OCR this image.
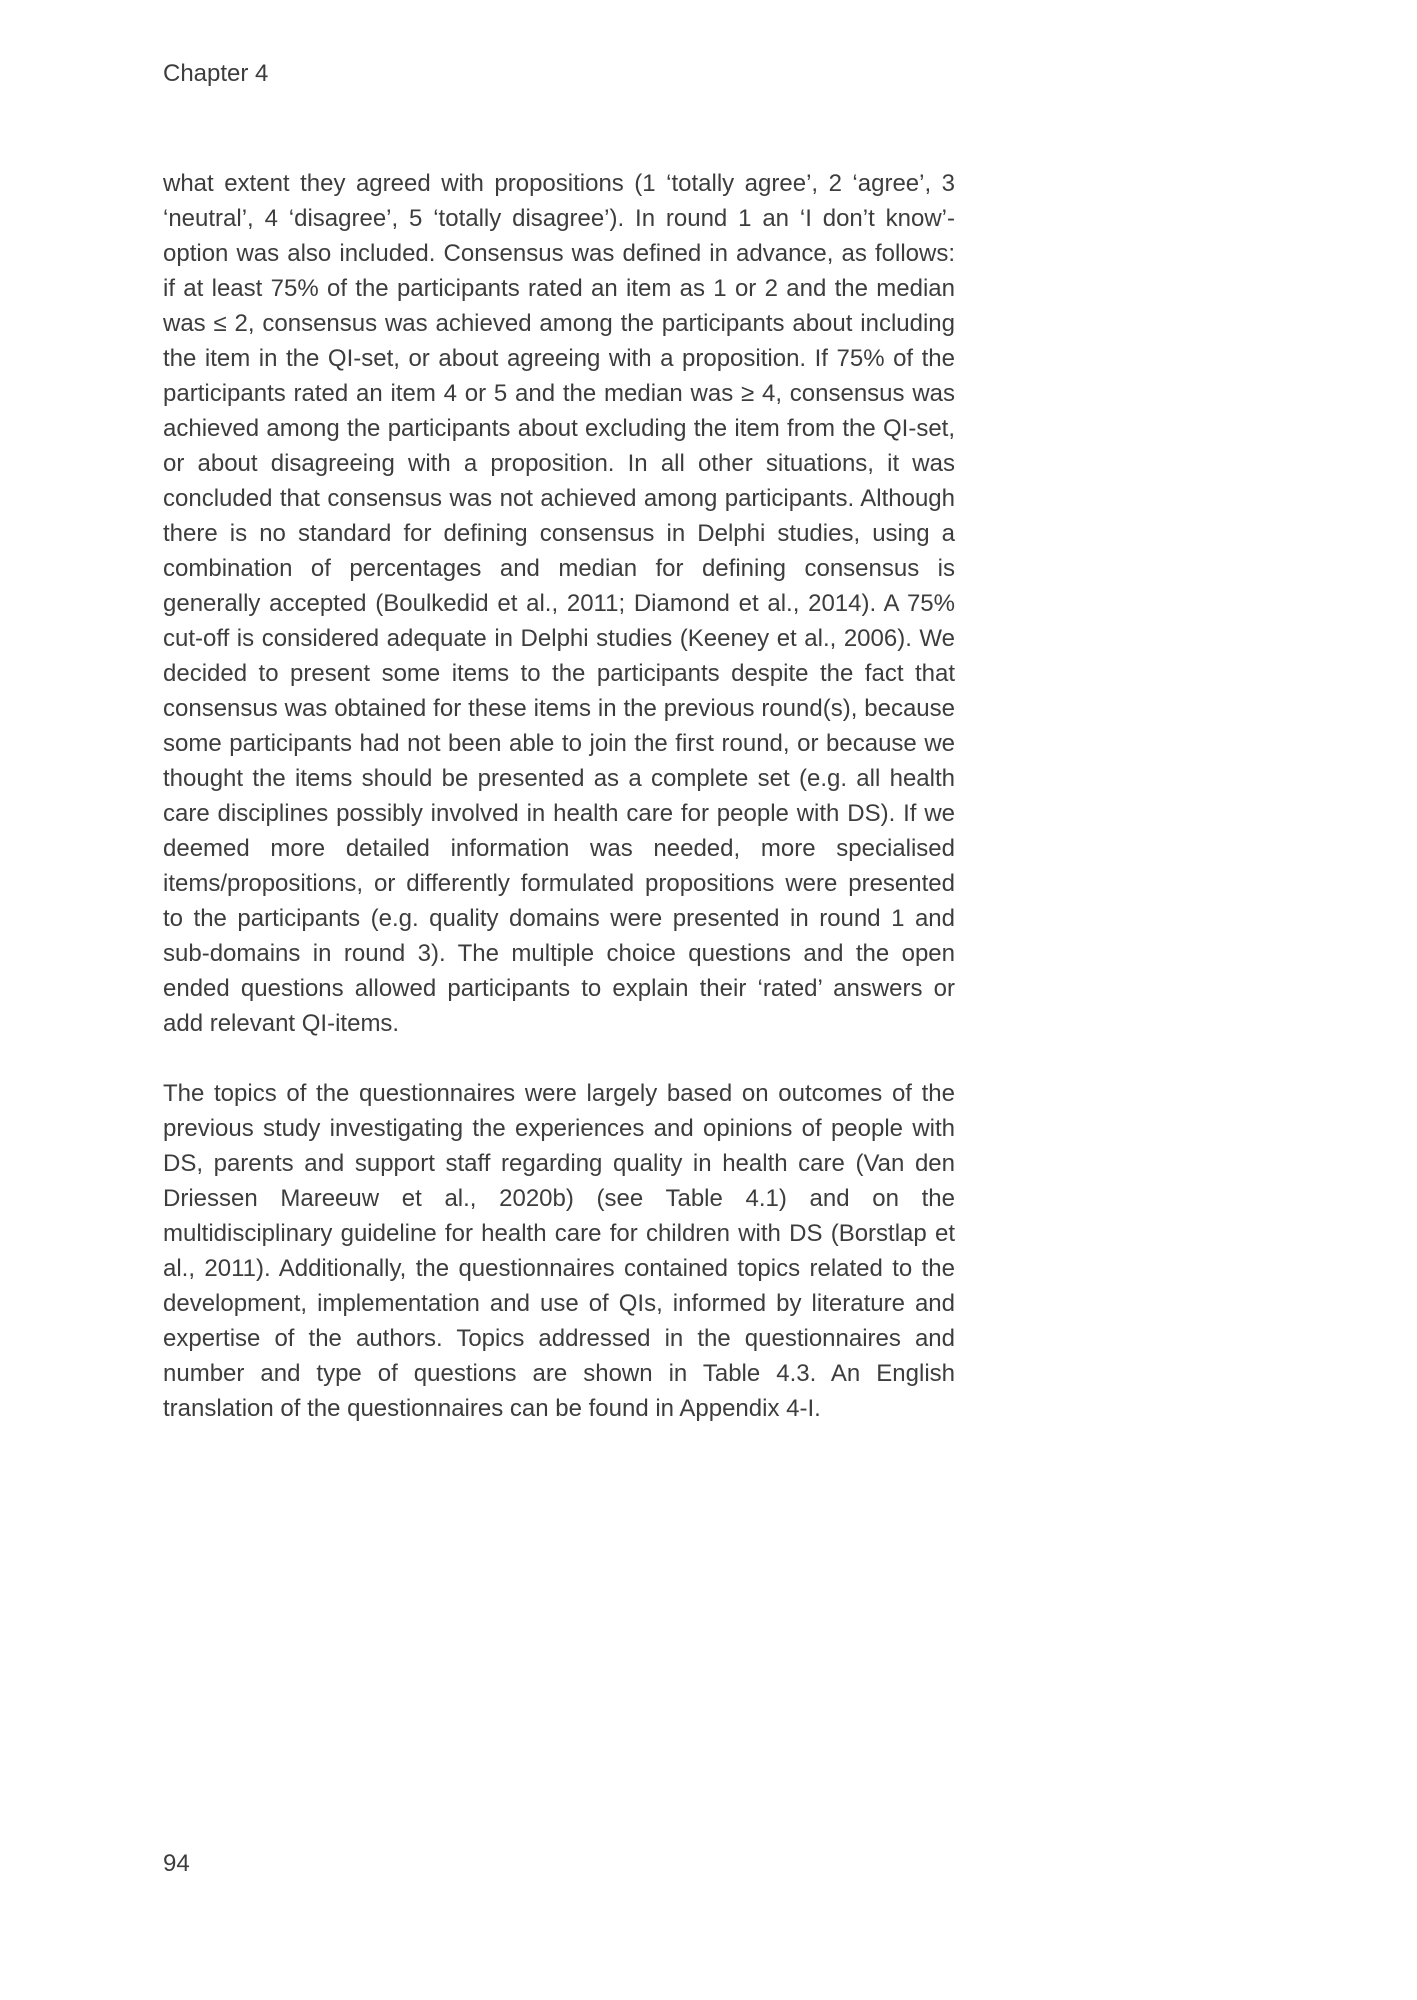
Chapter 4

what extent they agreed with propositions (1 ‘totally agree’, 2 ‘agree’, 3 ‘neutral’, 4 ‘disagree’, 5 ‘totally disagree’). In round 1 an ‘I don’t know’-option was also included. Consensus was defined in advance, as follows: if at least 75% of the participants rated an item as 1 or 2 and the median was ≤ 2, consensus was achieved among the participants about including the item in the QI-set, or about agreeing with a proposition. If 75% of the participants rated an item 4 or 5 and the median was ≥ 4, consensus was achieved among the participants about excluding the item from the QI-set, or about disagreeing with a proposition. In all other situations, it was concluded that consensus was not achieved among participants. Although there is no standard for defining consensus in Delphi studies, using a combination of percentages and median for defining consensus is generally accepted (Boulkedid et al., 2011; Diamond et al., 2014). A 75% cut-off is considered adequate in Delphi studies (Keeney et al., 2006). We decided to present some items to the participants despite the fact that consensus was obtained for these items in the previous round(s), because some participants had not been able to join the first round, or because we thought the items should be presented as a complete set (e.g. all health care disciplines possibly involved in health care for people with DS). If we deemed more detailed information was needed, more specialised items/propositions, or differently formulated propositions were presented to the participants (e.g. quality domains were presented in round 1 and sub-domains in round 3). The multiple choice questions and the open ended questions allowed participants to explain their ‘rated’ answers or add relevant QI-items.

The topics of the questionnaires were largely based on outcomes of the previous study investigating the experiences and opinions of people with DS, parents and support staff regarding quality in health care (Van den Driessen Mareeuw et al., 2020b) (see Table 4.1) and on the multidisciplinary guideline for health care for children with DS (Borstlap et al., 2011). Additionally, the questionnaires contained topics related to the development, implementation and use of QIs, informed by literature and expertise of the authors. Topics addressed in the questionnaires and number and type of questions are shown in Table 4.3. An English translation of the questionnaires can be found in Appendix 4-I.

94
